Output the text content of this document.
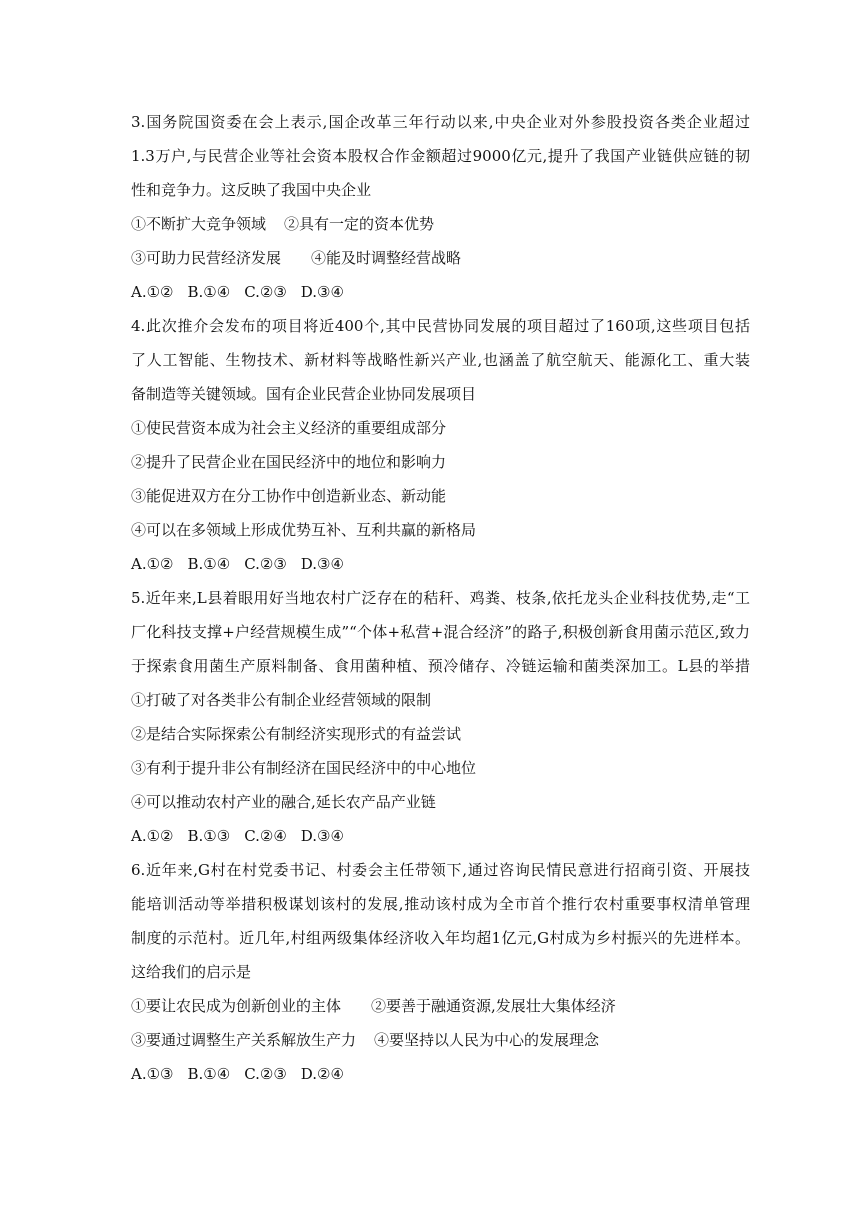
3.国务院国资委在会上表示,国企改革三年行动以来,中央企业对外参股投资各类企业超过
1.3万户,与民营企业等社会资本股权合作金额超过9000亿元,提升了我国产业链供应链的韧
性和竞争力。这反映了我国中央企业
①不断扩大竞争领域 ②具有一定的资本优势
③可助力民营经济发展 ④能及时调整经营战略
A.①② B.①④ C.②③ D.③④
4.此次推介会发布的项目将近400个,其中民营协同发展的项目超过了160项,这些项目包括
了人工智能、生物技术、新材料等战略性新兴产业,也涵盖了航空航天、能源化工、重大装
备制造等关键领域。国有企业民营企业协同发展项目
①使民营资本成为社会主义经济的重要组成部分
②提升了民营企业在国民经济中的地位和影响力
③能促进双方在分工协作中创造新业态、新动能
④可以在多领域上形成优势互补、互利共赢的新格局
A.①② B.①④ C.②③ D.③④
5.近年来,L县着眼用好当地农村广泛存在的秸秆、鸡粪、枝条,依托龙头企业科技优势,走“工
厂化科技支撑+户经营规模生成”“个体+私营+混合经济”的路子,积极创新食用菌示范区,致力
于探索食用菌生产原料制备、食用菌种植、预冷储存、冷链运输和菌类深加工。L县的举措
①打破了对各类非公有制企业经营领域的限制
②是结合实际探索公有制经济实现形式的有益尝试
③有利于提升非公有制经济在国民经济中的中心地位
④可以推动农村产业的融合,延长农产品产业链
A.①② B.①③ C.②④ D.③④
6.近年来,G村在村党委书记、村委会主任带领下,通过咨询民情民意进行招商引资、开展技
能培训活动等举措积极谋划该村的发展,推动该村成为全市首个推行农村重要事权清单管理
制度的示范村。近几年,村组两级集体经济收入年均超1亿元,G村成为乡村振兴的先进样本。
这给我们的启示是
①要让农民成为创新创业的主体 ②要善于融通资源,发展壮大集体经济
③要通过调整生产关系解放生产力 ④要坚持以人民为中心的发展理念
A.①③ B.①④ C.②③ D.②④
